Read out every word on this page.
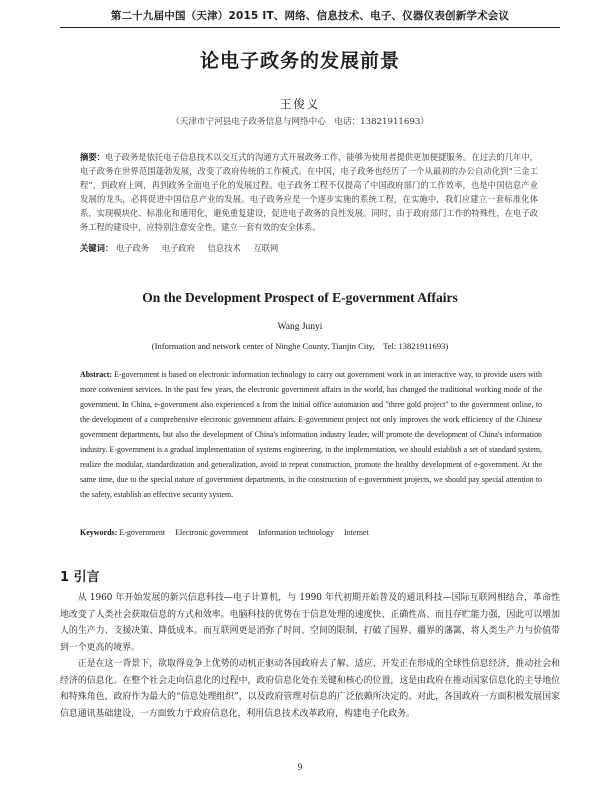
第二十九届中国（天津）2015 IT、网络、信息技术、电子、仪器仪表创新学术会议
论电子政务的发展前景
王俊义
（天津市宁河县电子政务信息与网络中心　电话：13821911693）
摘要：电子政务是依托电子信息技术以交互式的沟通方式开展政务工作，能够为使用者提供更加便捷服务。在过去的几年中，电子政务在世界范围蓬勃发展，改变了政府传统的工作模式。在中国，电子政务也经历了一个从最初的办公自动化到“三金工程”，到政府上网，再到政务全面电子化的发展过程。电子政务工程不仅提高了中国政府部门的工作效率，也是中国信息产业发展的龙头，必将促进中国信息产业的发展。电子政务应是一个逐步实施的系统工程，在实施中，我们应建立一套标准化体系，实现模块化、标准化和通用化，避免重复建设，促进电子政务的良性发展。同时，由于政府部门工作的特殊性，在电子政务工程的建设中，应特别注意安全性，建立一套有效的安全体系。
关键词： 电子政务 电子政府 信息技术 互联网
On the Development Prospect of E-government Affairs
Wang Junyi
(Information and network center of Ninghe County, Tianjin City,　Tel: 13821911693)
Abstract: E-government is based on electronic information technology to carry out government work in an interactive way, to provide users with more convenient services. In the past few years, the electronic government affairs in the world, has changed the traditional working mode of the government. In China, e-government also experienced a from the initial office automation and "three gold project" to the government online, to the development of a comprehensive electronic government affairs. E-government project not only improves the work efficiency of the Chinese government departments, but also the development of China's information industry leader, will promote the development of China's information industry. E-government is a gradual implementation of systems engineering, in the implementation, we should establish a set of standard system, realize the modular, standardization and generalization, avoid to repeat construction, promote the healthy development of e-government. At the same time, due to the special nature of government departments, in the construction of e-government projects, we should pay special attention to the safety, establish an effective security system.
Keywords: E-government Electronic government Information technology Internet
1 引言

从 1960 年开始发展的新兴信息科技—电子计算机，与 1990 年代初期开始普及的通讯科技—国际互联网相结合，革命性地改变了人类社会获取信息的方式和效率。电脑科技的优势在于信息处理的速度快、正确性高、而且存贮能力强，因此可以增加人的生产力、支援决策、降低成本。而互联网更是消弥了时间、空间的限制，打破了国界、疆界的藩篱，将人类生产力与价值带到一个更高的境界。

正是在这一背景下，欲取得竞争上优势的动机正驱动各国政府去了解、适应、开发正在形成的全球性信息经济，推动社会和经济的信息化。在整个社会走向信息化的过程中，政府信息化处在关键和核心的位置，这是由政府在推动国家信息化的主导地位和特殊角色，政府作为最大的“信息处理组织”，以及政府管理对信息的广泛依赖所决定的。对此，各国政府一方面积极发展国家信息通讯基础建设，一方面致力于政府信息化，利用信息技术改革政府，构建电子化政务。

9
